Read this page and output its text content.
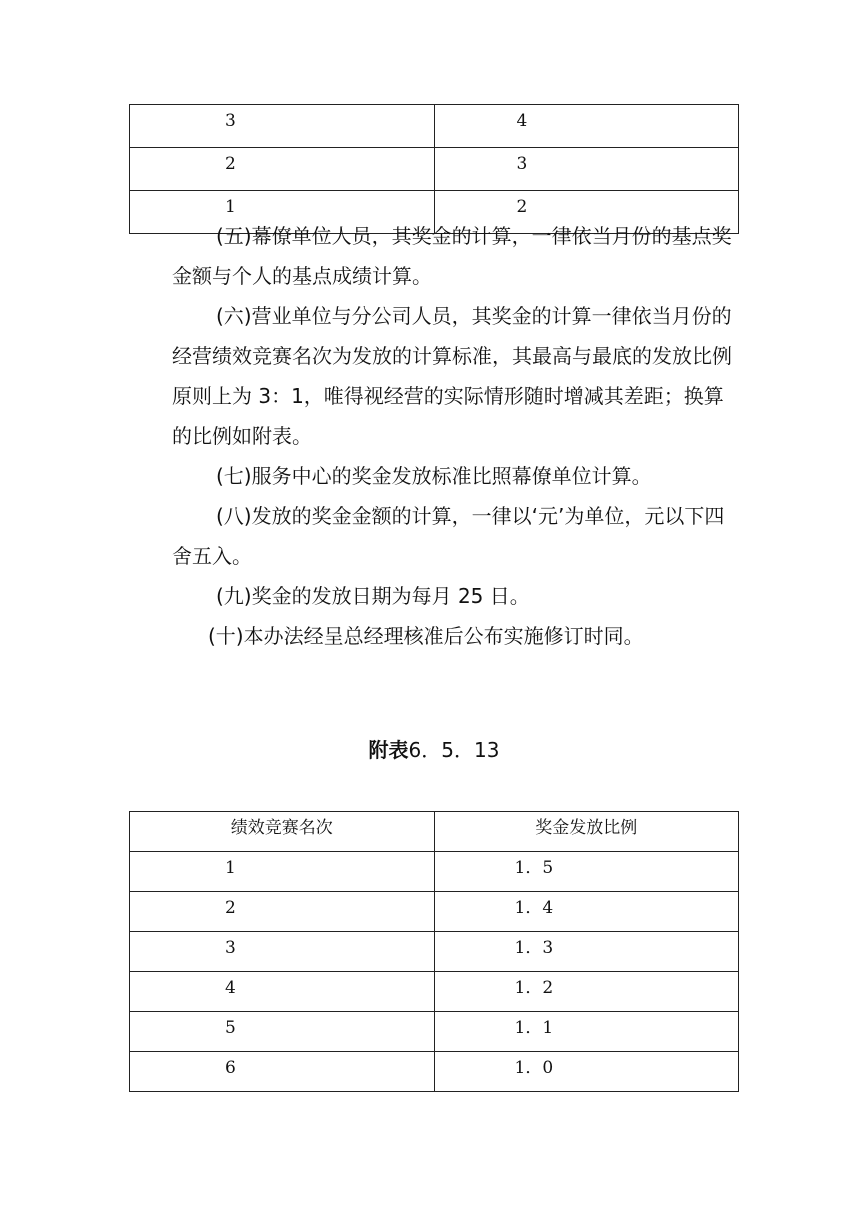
3	4
2	3
1	2

(五)幕僚单位人员，其奖金的计算，一律依当月份的基点奖金额与个人的基点成绩计算。

(六)营业单位与分公司人员，其奖金的计算一律依当月份的经营绩效竞赛名次为发放的计算标准，其最高与最底的发放比例原则上为 3：1，唯得视经营的实际情形随时增减其差距；换算的比例如附表。

(七)服务中心的奖金发放标准比照幕僚单位计算。

(八)发放的奖金金额的计算，一律以‘元’为单位，元以下四舍五入。

(九)奖金的发放日期为每月 25 日。

(十)本办法经呈总经理核准后公布实施修订时同。

附表6．5．13
绩效竞赛名次	奖金发放比例
1	1．5
2	1．4
3	1．3
4	1．2
5	1．1
6	1．0
